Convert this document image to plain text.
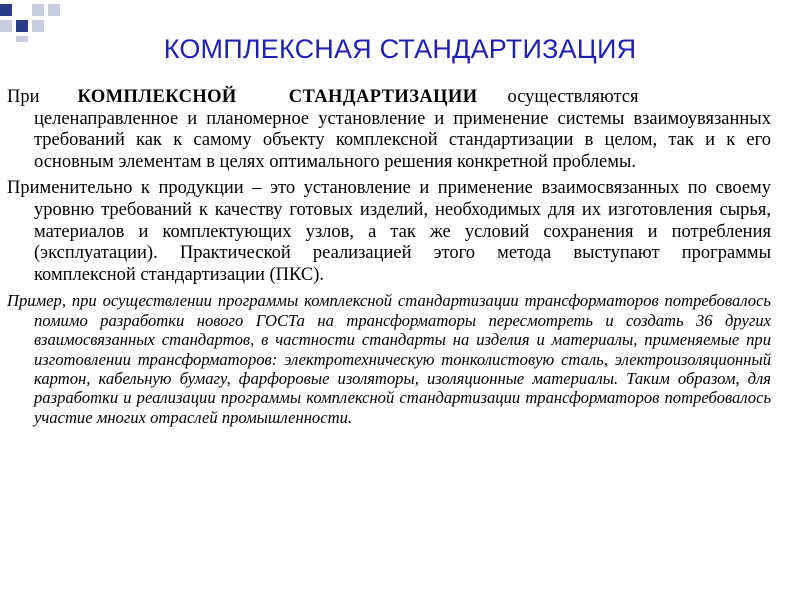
КОМПЛЕКСНАЯ СТАНДАРТИЗАЦИЯ

При КОМПЛЕКСНОЙ	СТАНДАРТИЗАЦИИ осуществляются целенаправленное и планомерное установление и применение системы взаимоувязанных требований как к самому объекту комплексной стандартизации в целом, так и к его основным элементам в целях оптимального решения конкретной проблемы.

Применительно к продукции – это установление и применение взаимосвязанных по своему уровню требований к качеству готовых изделий, необходимых для их изготовления сырья, материалов и комплектующих узлов, а так же условий сохранения и потребления (эксплуатации). Практической реализацией этого метода выступают программы комплексной стандартизации (ПКС).

Пример, при осуществлении программы комплексной стандартизации трансформаторов потребовалось помимо разработки нового ГОСТа на трансформаторы пересмотреть и создать 36 других взаимосвязанных стандартов, в частности стандарты на изделия и материалы, применяемые при изготовлении трансформаторов: электротехническую тонколистовую сталь, электроизоляционный картон, кабельную бумагу, фарфоровые изоляторы, изоляционные материалы. Таким образом, для разработки и реализации программы комплексной стандартизации трансформаторов потребовалось участие многих отраслей промышленности.
